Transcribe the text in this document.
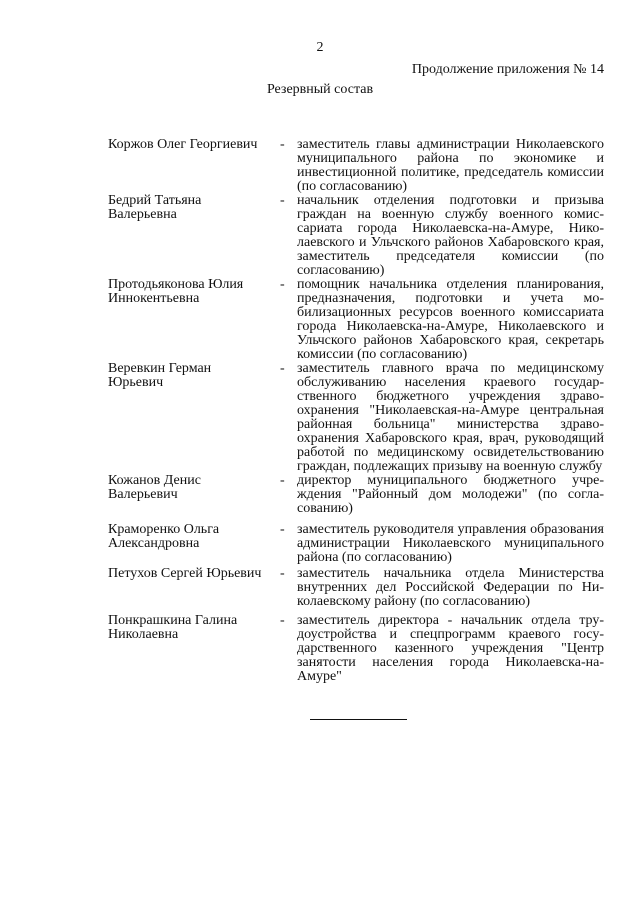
2
Продолжение приложения № 14
Резервный состав
Коржов Олег Георгиевич	- заместитель главы администрации Николаевского муниципального района по экономике и инвестиционной политике, председатель комиссии (по согласованию)
Бедрий Татьяна Валерьевна
- начальник отделения подготовки и призыва граждан на военную службу военного комиссариата города Николаевска-на-Амуре, Николаевского и Ульчского районов Хабаровского края, заместитель председателя комиссии (по согласованию)
Протодьяконова Юлия Иннокентьевна
- помощник начальника отделения планирования, предназначения, подготовки и учета мобилизационных ресурсов военного комиссариата города Николаевска-на-Амуре, Николаевского и Ульчского районов Хабаровского края, секретарь комиссии (по согласованию)
Веревкин Герман Юрьевич
- заместитель главного врача по медицинскому обслуживанию населения краевого государственного бюджетного учреждения здравоохранения "Николаевская-на-Амуре центральная районная больница" министерства здравоохранения Хабаровского края, врач, руководящий работой по медицинскому освидетельствованию граждан, подлежащих призыву на военную службу
Кожанов Денис Валерьевич
- директор муниципального бюджетного учреждения "Районный дом молодежи" (по согласованию)
Краморенко Ольга Александровна
- заместитель руководителя управления образования администрации Николаевского муниципального района (по согласованию)
Петухов Сергей Юрьевич	- заместитель начальника отдела Министерства внутренних дел Российской Федерации по Николаевскому району (по согласованию)
Понкрашкина Галина Николаевна
- заместитель директора - начальник отдела трудоустройства и спецпрограмм краевого государственного казенного учреждения "Центр занятости населения города Николаевска-на-Амуре"
